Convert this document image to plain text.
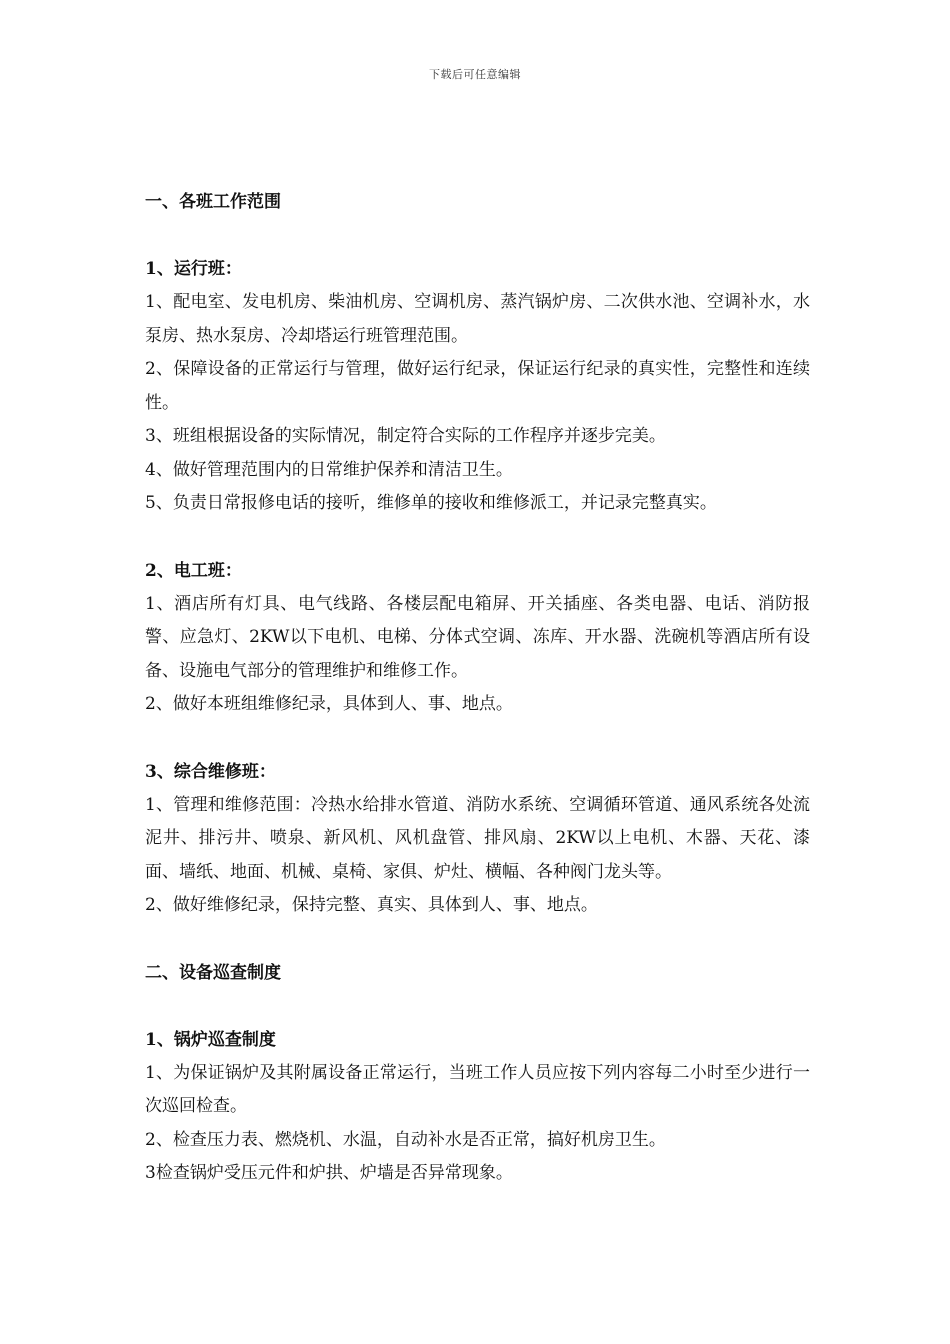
下载后可任意编辑
一、各班工作范围
1、运行班：

1、配电室、发电机房、柴油机房、空调机房、蒸汽锅炉房、二次供水池、空调补水，水泵房、热水泵房、冷却塔运行班管理范围。

2、保障设备的正常运行与管理，做好运行纪录，保证运行纪录的真实性，完整性和连续性。

3、班组根据设备的实际情况，制定符合实际的工作程序并逐步完美。

4、做好管理范围内的日常维护保养和清洁卫生。

5、负责日常报修电话的接听，维修单的接收和维修派工，并记录完整真实。

2、电工班：

1、酒店所有灯具、电气线路、各楼层配电箱屏、开关插座、各类电器、电话、消防报警、应急灯、2KW以下电机、电梯、分体式空调、冻库、开水器、洗碗机等酒店所有设备、设施电气部分的管理维护和维修工作。

2、做好本班组维修纪录，具体到人、事、地点。

3、综合维修班：

1、管理和维修范围：冷热水给排水管道、消防水系统、空调循环管道、通风系统各处流泥井、排污井、喷泉、新风机、风机盘管、排风扇、2KW以上电机、木器、天花、漆面、墙纸、地面、机械、桌椅、家俱、炉灶、横幅、各种阀门龙头等。

2、做好维修纪录，保持完整、真实、具体到人、事、地点。

二、设备巡查制度
1、锅炉巡查制度

1、为保证锅炉及其附属设备正常运行，当班工作人员应按下列内容每二小时至少进行一次巡回检查。

2、检查压力表、燃烧机、水温，自动补水是否正常，搞好机房卫生。

3检查锅炉受压元件和炉拱、炉墙是否异常现象。
